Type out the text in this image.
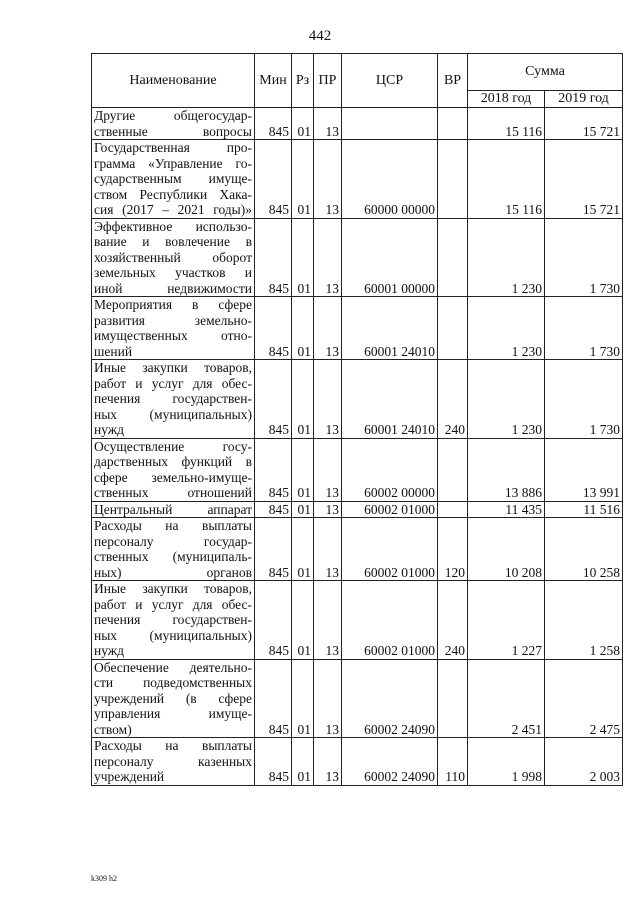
442
Наименование	Мин	Рз	ПР	ЦСР	ВР	Сумма	
						2018 год	2019 год

Другие общегосудар-
ственные вопросы	845	01	13			15 116	15 721

Государственная про-
грамма «Управление го-
сударственным имуще-
ством Республики Хака-
сия (2017 – 2021 годы)»	845	01	13	60000 00000		15 116	15 721

Эффективное использо-
вание и вовлечение в
хозяйственный оборот
земельных участков и
иной недвижимости	845	01	13	60001 00000		1 230	1 730

Мероприятия в сфере
развития земельно-
имущественных отно-
шений	845	01	13	60001 24010		1 230	1 730

Иные закупки товаров,
работ и услуг для обес-
печения государствен-
ных (муниципальных)
нужд	845	01	13	60001 24010	240	1 230	1 730

Осуществление госу-
дарственных функций в
сфере земельно-имуще-
ственных отношений	845	01	13	60002 00000		13 886	13 991

Центральный аппарат	845	01	13	60002 01000		11 435	11 516

Расходы на выплаты
персоналу государ-
ственных (муниципаль-
ных) органов	845	01	13	60002 01000	120	10 208	10 258

Иные закупки товаров,
работ и услуг для обес-
печения государствен-
ных (муниципальных)
нужд	845	01	13	60002 01000	240	1 227	1 258

Обеспечение деятельно-
сти подведомственных
учреждений (в сфере
управления имуще-
ством)	845	01	13	60002 24090		2 451	2 475

Расходы на выплаты
персоналу казенных
учреждений	845	01	13	60002 24090	110	1 998	2 003
k309 h2
